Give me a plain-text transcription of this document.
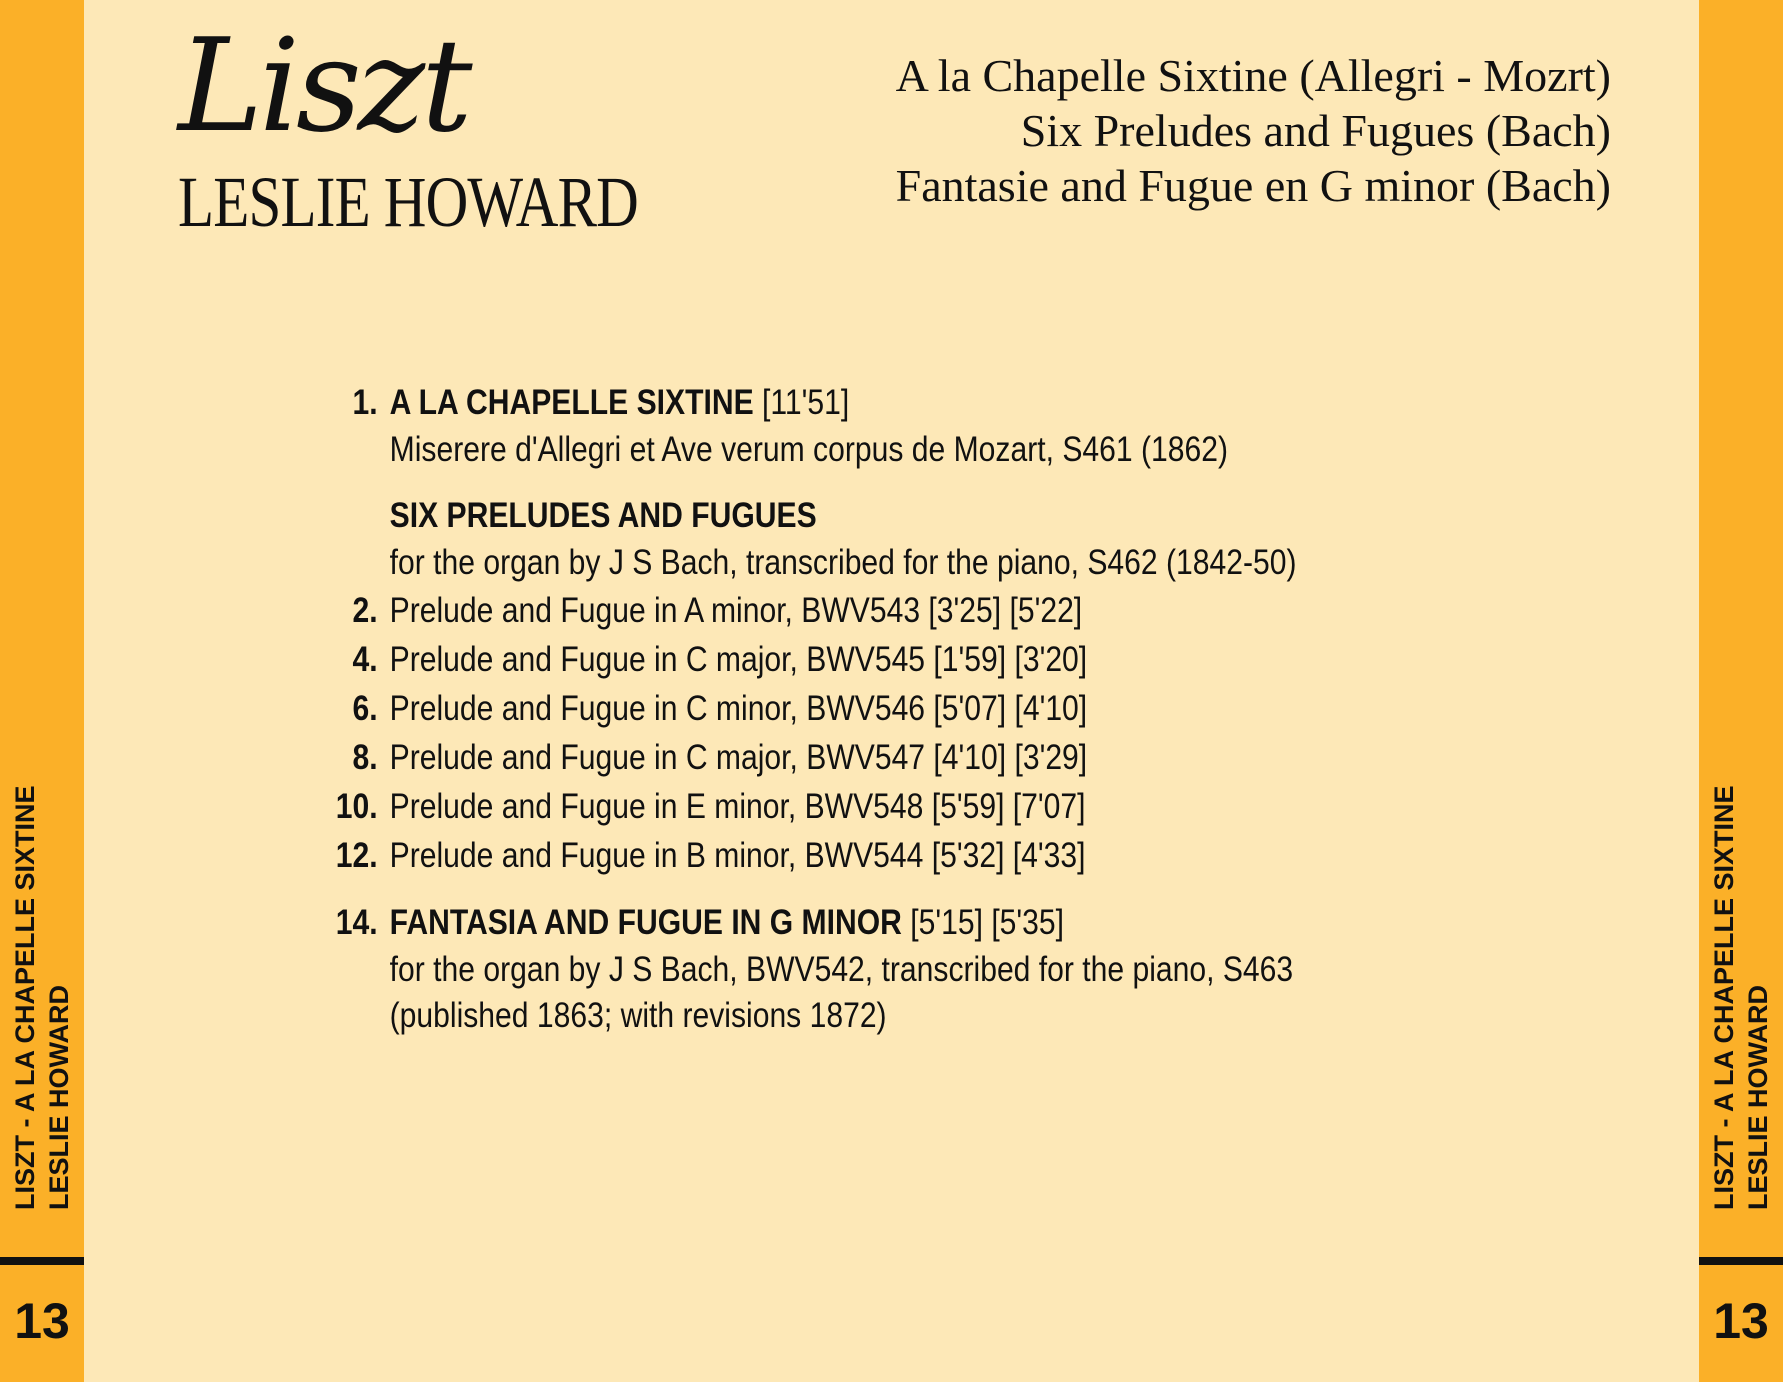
LISZT - A LA CHAPELLE SIXTINE LESLIE HOWARD
13
LISZT - A LA CHAPELLE SIXTINE LESLIE HOWARD
13
Liszt
LESLIE HOWARD
A la Chapelle Sixtine (Allegri - Mozrt)
Six Preludes and Fugues (Bach)
Fantasie and Fugue en G minor (Bach)
1. A LA CHAPELLE SIXTINE [11'51]
Miserere d'Allegri et Ave verum corpus de Mozart, S461 (1862)
SIX PRELUDES AND FUGUES
for the organ by J S Bach, transcribed for the piano, S462 (1842-50)
2. Prelude and Fugue in A minor, BWV543 [3'25] [5'22]
4. Prelude and Fugue in C major, BWV545 [1'59] [3'20]
6. Prelude and Fugue in C minor, BWV546 [5'07] [4'10]
8. Prelude and Fugue in C major, BWV547 [4'10] [3'29]
10. Prelude and Fugue in E minor, BWV548 [5'59] [7'07]
12. Prelude and Fugue in B minor, BWV544 [5'32] [4'33]
14. FANTASIA AND FUGUE IN G MINOR [5'15] [5'35]
for the organ by J S Bach, BWV542, transcribed for the piano, S463
(published 1863; with revisions 1872)
